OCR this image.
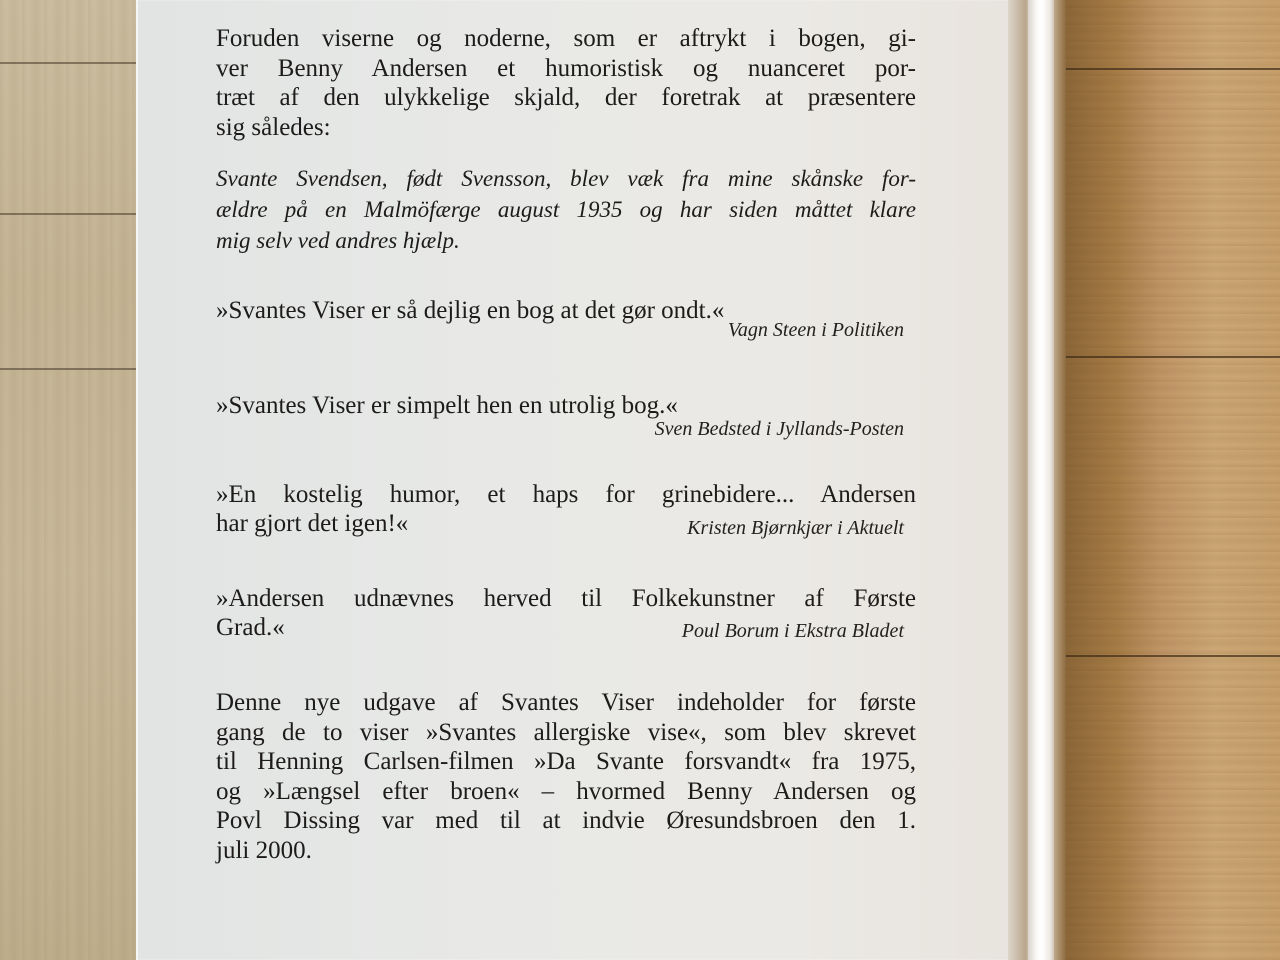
Foruden viserne og noderne, som er aftrykt i bogen, gi-
ver Benny Andersen et humoristisk og nuanceret por-
træt af den ulykkelige skjald, der foretrak at præsentere
sig således:

Svante Svendsen, født Svensson, blev væk fra mine skånske for-
ældre på en Malmöfærge august 1935 og har siden måttet klare
mig selv ved andres hjælp.

»Svantes Viser er så dejlig en bog at det gør ondt.«
Vagn Steen i Politiken
»Svantes Viser er simpelt hen en utrolig bog.«
Sven Bedsted i Jyllands-Posten
»En kostelig humor, et haps for grinebidere... Andersen
har gjort det igen!«	Kristen Bjørnkjær i Aktuelt
»Andersen udnævnes herved til Folkekunstner af Første
Grad.«	Poul Borum i Ekstra Bladet

Denne nye udgave af Svantes Viser indeholder for første
gang de to viser »Svantes allergiske vise«, som blev skrevet
til Henning Carlsen-filmen »Da Svante forsvandt« fra 1975,
og »Længsel efter broen« – hvormed Benny Andersen og
Povl Dissing var med til at indvie Øresundsbroen den 1.
juli 2000.
